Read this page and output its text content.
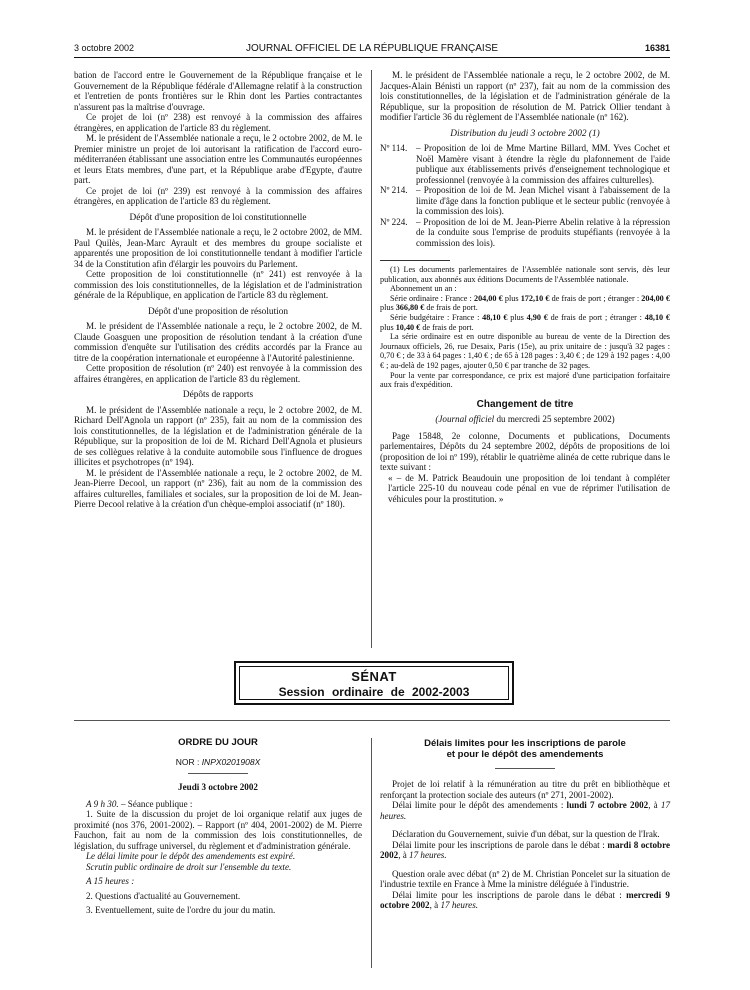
3 octobre 2002	JOURNAL OFFICIEL DE LA RÉPUBLIQUE FRANÇAISE	16381

bation de l'accord entre le Gouvernement de la République française et le Gouvernement de la République fédérale d'Allemagne relatif à la construction et l'entretien de ponts frontières sur le Rhin dont les Parties contractantes n'assurent pas la maîtrise d'ouvrage.

Ce projet de loi (nº 238) est renvoyé à la commission des affaires étrangères, en application de l'article 83 du règlement.

M. le président de l'Assemblée nationale a reçu, le 2 octobre 2002, de M. le Premier ministre un projet de loi autorisant la ratification de l'accord euro-méditerranéen établissant une association entre les Communautés européennes et leurs Etats membres, d'une part, et la République arabe d'Egypte, d'autre part.

Ce projet de loi (nº 239) est renvoyé à la commission des affaires étrangères, en application de l'article 83 du règlement.

Dépôt d'une proposition de loi constitutionnelle

M. le président de l'Assemblée nationale a reçu, le 2 octobre 2002, de MM. Paul Quilès, Jean-Marc Ayrault et des membres du groupe socialiste et apparentés une proposition de loi constitutionnelle tendant à modifier l'article 34 de la Constitution afin d'élargir les pouvoirs du Parlement.

Cette proposition de loi constitutionnelle (nº 241) est renvoyée à la commission des lois constitutionnelles, de la législation et de l'administration générale de la République, en application de l'article 83 du règlement.

Dépôt d'une proposition de résolution

M. le président de l'Assemblée nationale a reçu, le 2 octobre 2002, de M. Claude Goasguen une proposition de résolution tendant à la création d'une commission d'enquête sur l'utilisation des crédits accordés par la France au titre de la coopération internationale et européenne à l'Autorité palestinienne.

Cette proposition de résolution (nº 240) est renvoyée à la commission des affaires étrangères, en application de l'article 83 du règlement.

Dépôts de rapports

M. le président de l'Assemblée nationale a reçu, le 2 octobre 2002, de M. Richard Dell'Agnola un rapport (nº 235), fait au nom de la commission des lois constitutionnelles, de la législation et de l'administration générale de la République, sur la proposition de loi de M. Richard Dell'Agnola et plusieurs de ses collègues relative à la conduite automobile sous l'influence de drogues illicites et psychotropes (nº 194).

M. le président de l'Assemblée nationale a reçu, le 2 octobre 2002, de M. Jean-Pierre Decool, un rapport (nº 236), fait au nom de la commission des affaires culturelles, familiales et sociales, sur la proposition de loi de M. Jean-Pierre Decool relative à la création d'un chèque-emploi associatif (nº 180).

M. le président de l'Assemblée nationale a reçu, le 2 octobre 2002, de M. Jacques-Alain Bénisti un rapport (nº 237), fait au nom de la commission des lois constitutionnelles, de la législation et de l'administration générale de la République, sur la proposition de résolution de M. Patrick Ollier tendant à modifier l'article 36 du règlement de l'Assemblée nationale (nº 162).

Distribution du jeudi 3 octobre 2002 (1)
Nº 114. – Proposition de loi de Mme Martine Billard, MM. Yves Cochet et Noël Mamère visant à étendre la règle du plafonnement de l'aide publique aux établissements privés d'enseignement technologique et professionnel (renvoyée à la commission des affaires culturelles).
Nº 214. – Proposition de loi de M. Jean Michel visant à l'abaissement de la limite d'âge dans la fonction publique et le secteur public (renvoyée à la commission des lois).
Nº 224. – Proposition de loi de M. Jean-Pierre Abelin relative à la répression de la conduite sous l'emprise de produits stupéfiants (renvoyée à la commission des lois).

(1) Les documents parlementaires de l'Assemblée nationale sont servis, dès leur publication, aux abonnés aux éditions Documents de l'Assemblée nationale.

Abonnement un an :

Série ordinaire : France : 204,00 € plus 172,10 € de frais de port ; étranger : 204,00 € plus 366,80 € de frais de port.

Série budgétaire : France : 48,10 € plus 4,90 € de frais de port ; étranger : 48,10 € plus 10,40 € de frais de port.

La série ordinaire est en outre disponible au bureau de vente de la Direction des Journaux officiels, 26, rue Desaix, Paris (15e), au prix unitaire de : jusqu'à 32 pages : 0,70 € ; de 33 à 64 pages : 1,40 € ; de 65 à 128 pages : 3,40 € ; de 129 à 192 pages : 4,00 € ; au-delà de 192 pages, ajouter 0,50 € par tranche de 32 pages.

Pour la vente par correspondance, ce prix est majoré d'une participation forfaitaire aux frais d'expédition.

Changement de titre
(Journal officiel du mercredi 25 septembre 2002)

Page 15848, 2e colonne, Documents et publications, Documents parlementaires, Dépôts du 24 septembre 2002, dépôts de propositions de loi (proposition de loi nº 199), rétablir le quatrième alinéa de cette rubrique dans le texte suivant :

« – de M. Patrick Beaudouin une proposition de loi tendant à compléter l'article 225-10 du nouveau code pénal en vue de réprimer l'utilisation de véhicules pour la prostitution. »

SÉNAT
Session ordinaire de 2002-2003
ORDRE DU JOUR
NOR : INPX0201908X
Jeudi 3 octobre 2002

A 9 h 30. – Séance publique :

1. Suite de la discussion du projet de loi organique relatif aux juges de proximité (nos 376, 2001-2002). – Rapport (nº 404, 2001-2002) de M. Pierre Fauchon, fait au nom de la commission des lois constitutionnelles, de législation, du suffrage universel, du règlement et d'administration générale.

Le délai limite pour le dépôt des amendements est expiré.

Scrutin public ordinaire de droit sur l'ensemble du texte.

A 15 heures :

2. Questions d'actualité au Gouvernement.

3. Eventuellement, suite de l'ordre du jour du matin.

Délais limites pour les inscriptions de parole
et pour le dépôt des amendements

Projet de loi relatif à la rémunération au titre du prêt en bibliothèque et renforçant la protection sociale des auteurs (nº 271, 2001-2002).

Délai limite pour le dépôt des amendements : lundi 7 octobre 2002, à 17 heures.

Déclaration du Gouvernement, suivie d'un débat, sur la question de l'Irak.

Délai limite pour les inscriptions de parole dans le débat : mardi 8 octobre 2002, à 17 heures.

Question orale avec débat (nº 2) de M. Christian Poncelet sur la situation de l'industrie textile en France à Mme la ministre déléguée à l'industrie.

Délai limite pour les inscriptions de parole dans le débat : mercredi 9 octobre 2002, à 17 heures.
